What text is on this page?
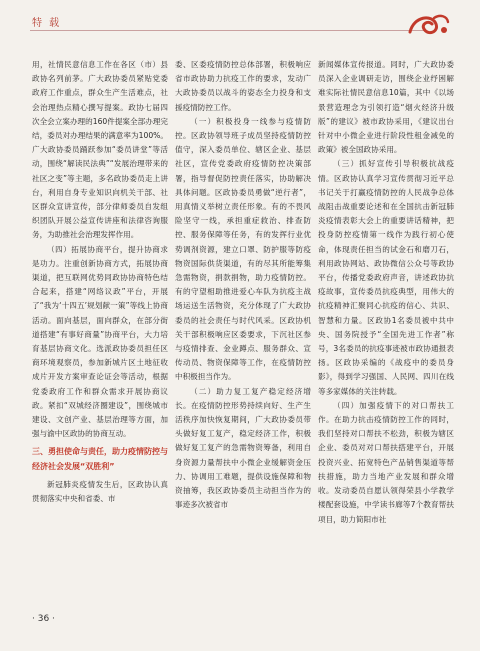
特 载

用，社情民意信息工作在各区（市）县政协名列前茅。广大政协委员紧贴党委政府工作重点，群众生产生活难点，社会治理热点精心撰写提案。政协七届四次全会立案办理的160件提案全部办理完结，委员对办理结果的满意率为100%。广大政协委员踊跃参加“委员讲堂”等活动，围绕“解读民法典”“发展治理带来的社区之变”等主题，多名政协委员走上讲台，利用自身专业知识向机关干部、社区群众宣讲宣传，部分律师委员自发组织团队开展公益宣传讲座和法律咨询服务，为助推社会治理发挥作用。

（四）拓展协商平台，提升协商求是功力。注重创新协商方式，拓展协商渠道，把互联网优势同政协协商特色结合起来，搭建“网络议政”平台，开展了“我为‘十四五’规划献一策”等线上协商活动。面向基层，面向群众，在部分街道搭建“有事好商量”协商平台，大力培育基层协商文化。选派政协委员担任区商环境观察员，参加新城片区土地征收成片开发方案审查论证会等活动，根据党委政府工作和群众需求开展协商议政。紧扣“双城经济圈建设”，围绕城市建设、文创产业、基层治理等方面，加强与渝中区政协的协商互动。

三、勇担使命与责任，助力疫情防控与经济社会发展“双胜利”

新冠肺炎疫情发生后，区政协认真贯彻落实中央和省委、市

委、区委疫情防控总体部署，积极响应省市政协助力抗疫工作的要求，发动广大政协委员以战斗的姿态全力投身和支援疫情防控工作。

（一）积极投身一线参与疫情防控。区政协领导班子成员坚持疫情防控值守，深入委员单位、辖区企业、基层社区，宣传党委政府疫情防控决策部署，指导督促防控责任落实，协助解决具体问题。区政协委员勇做“逆行者”，用真情义举树立责任形象。有的不畏风险坚守一线，承担重症救治、排查防控、服务保障等任务，有的发挥行业优势调剂资源，建立口罩、防护服等防疫物资国际供货渠道，有的尽其所能筹集急需物资，捐款捐物，助力疫情防控。有的守望相助推进爱心车队为抗疫主战场运送生活物资，充分体现了广大政协委员的社会责任与时代风采。区政协机关干部积极响应区委要求，下沉社区参与疫情排查、金业蹲点、服务群众、宣传动员、物资保障等工作，在疫情防控中积极担当作为。

（二）助力复工复产稳定经济增长。在疫情防控形势持续向好、生产生活秩序加快恢复期间，广大政协委员带头做好复工复产，稳定经济工作，积极做好复工复产的急需物资筹备，利用自身资源力量帮扶中小微企业缓解资金压力、协调用工难题，提供设施保障和物资抽筹，我区政协委员主动担当作为的事迹多次被省市

新闻媒体宣传报道。同时，广大政协委员深入企业调研走访，围绕企业纾困解难实际社情民意信息10篇，其中《以场景营造理念为引领打造“烟火经济升级版”的建议》被市政协采用，《建议出台针对中小微企业进行阶段性租金减免的政策》被全国政协采用。

（三）抓好宣传引导积极抗战疫情。区政协认真学习宣传贯彻习近平总书记关于打赢疫情防控的人民战争总体战阻击战重要论述和在全国抗击新冠肺炎疫情表彰大会上的重要讲话精神，把投身防控疫情第一线作为践行初心使命，体现责任担当的试金石和磨刀石，利用政协网站、政协微信公众号等政协平台，传播党委政府声音，讲述政协抗疫故事，宣传委员抗疫典型，用伟大的抗疫精神汇聚同心抗疫的信心、共识、智慧和力量。区政协1名委员被中共中央、国务院授予“全国先进工作者”称号，3名委员的抗疫事迹被市政协通报表扬。区政协采编的《战疫中的委员身影》，得到学习强国、人民网、四川在线等多家媒体的关注转载。

（四）加强疫情下的对口帮扶工作。在助力抗击疫情防控工作的同时，我们坚持对口帮扶不松劲，积极为辖区企业、委员对对口帮扶搭建平台，开展投资兴业、拓宽特色产品销售渠道等帮扶措施，助力当地产业发展和群众增收。发动委员自愿认领得荣县小学教学楼配套设施，中学读书廊等7个教育帮扶项目，助力简阳市社

· 36 ·
